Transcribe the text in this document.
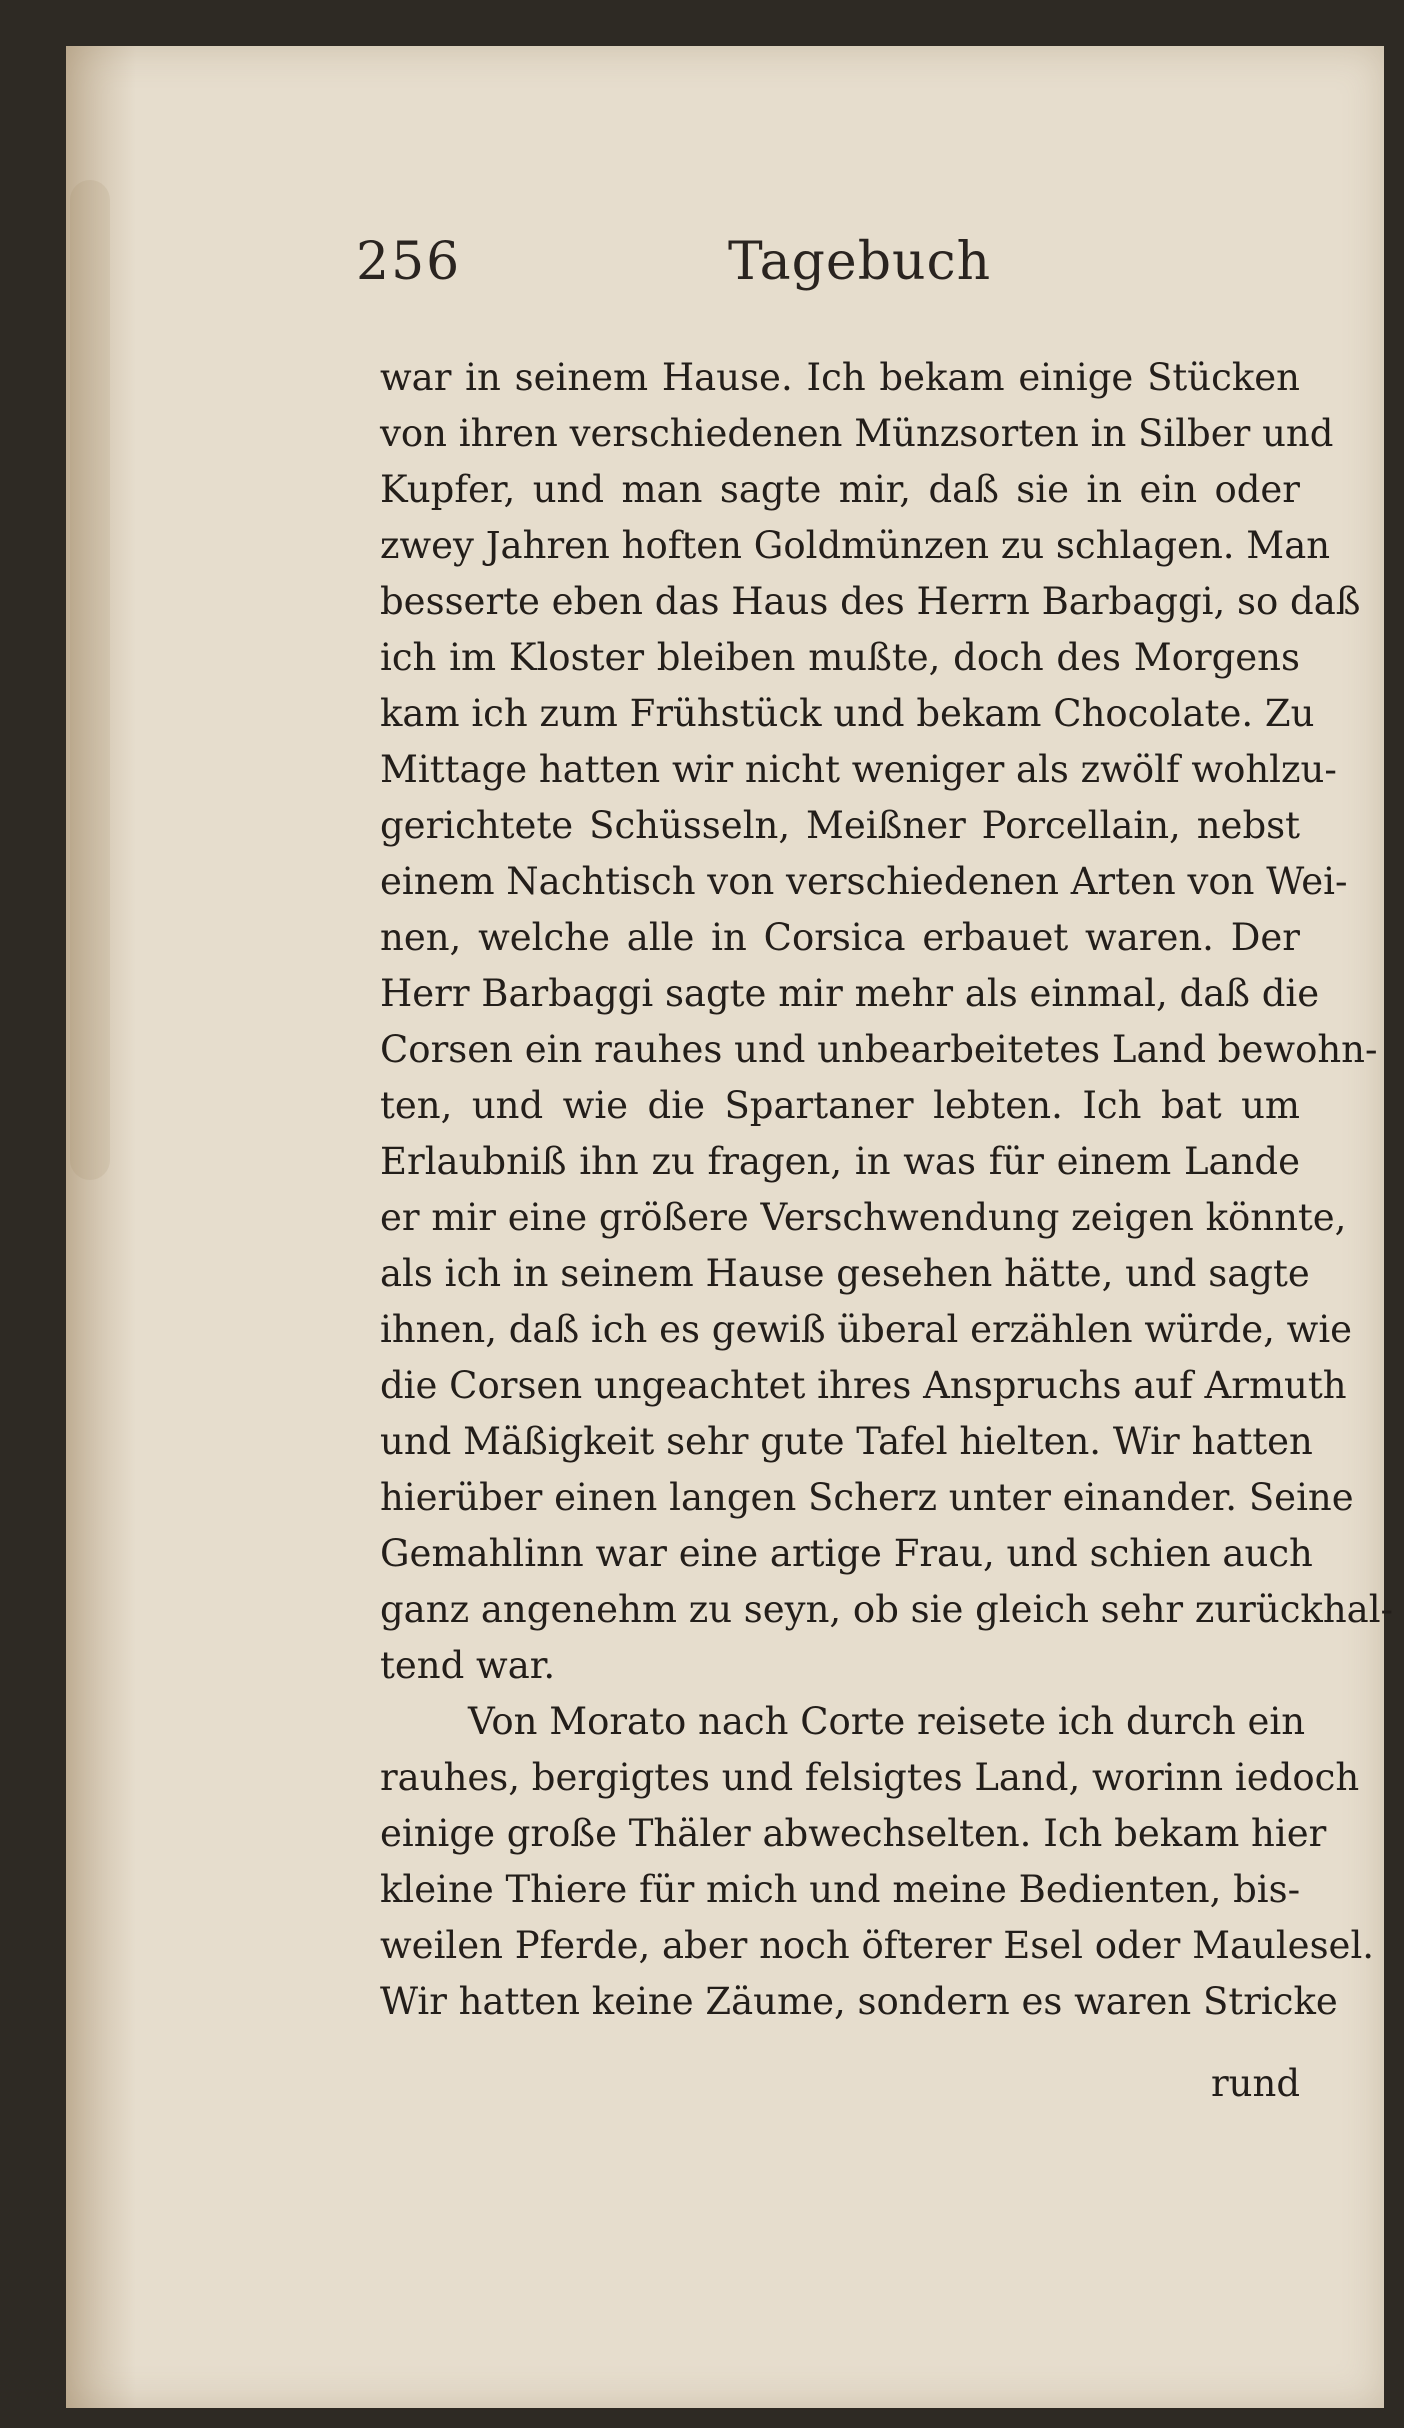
256	Tagebuch
war in seinem Hause. Ich bekam einige Stücken
von ihren verschiedenen Münzsorten in Silber und
Kupfer, und man sagte mir, daß sie in ein oder
zwey Jahren hoften Goldmünzen zu schlagen. Man
besserte eben das Haus des Herrn Barbaggi, so daß
ich im Kloster bleiben mußte, doch des Morgens
kam ich zum Frühstück und bekam Chocolate. Zu
Mittage hatten wir nicht weniger als zwölf wohlzu-
gerichtete Schüsseln, Meißner Porcellain, nebst
einem Nachtisch von verschiedenen Arten von Wei-
nen, welche alle in Corsica erbauet waren. Der
Herr Barbaggi sagte mir mehr als einmal, daß die
Corsen ein rauhes und unbearbeitetes Land bewohn-
ten, und wie die Spartaner lebten. Ich bat um
Erlaubniß ihn zu fragen, in was für einem Lande
er mir eine größere Verschwendung zeigen könnte,
als ich in seinem Hause gesehen hätte, und sagte
ihnen, daß ich es gewiß überal erzählen würde, wie
die Corsen ungeachtet ihres Anspruchs auf Armuth
und Mäßigkeit sehr gute Tafel hielten. Wir hatten
hierüber einen langen Scherz unter einander. Seine
Gemahlinn war eine artige Frau, und schien auch
ganz angenehm zu seyn, ob sie gleich sehr zurückhal-
tend war.
Von Morato nach Corte reisete ich durch ein
rauhes, bergigtes und felsigtes Land, worinn iedoch
einige große Thäler abwechselten. Ich bekam hier
kleine Thiere für mich und meine Bedienten, bis-
weilen Pferde, aber noch öfterer Esel oder Maulesel.
Wir hatten keine Zäume, sondern es waren Stricke
rund
